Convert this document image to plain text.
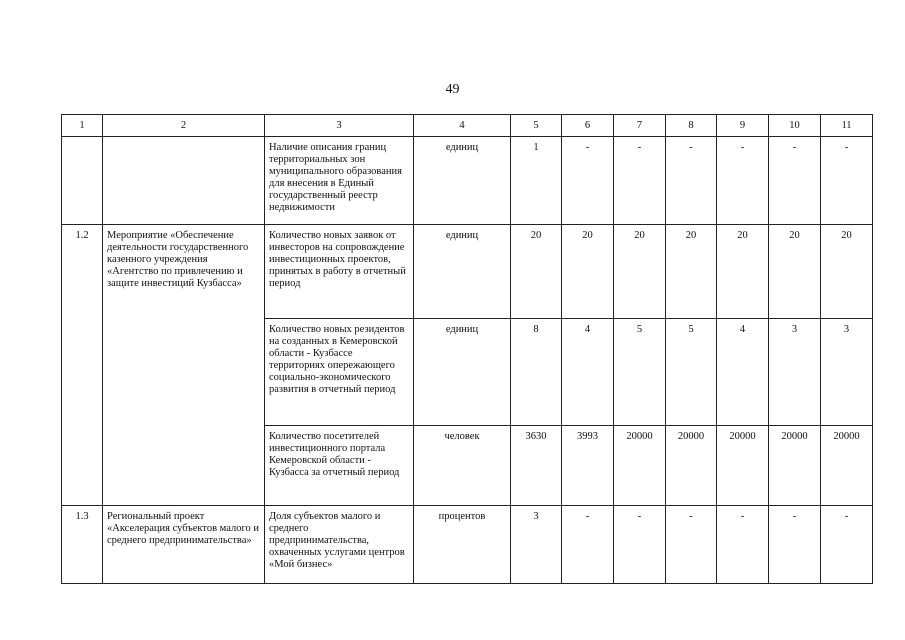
49
1	2	3	4	5	6	7	8	9	10	11
		Наличие описания границ территориальных зон муниципального образования для внесения в Единый государственный реестр недвижимости	единиц	1	-	-	-	-	-	-
1.2	Мероприятие «Обеспечение деятельности государственного казенного учреждения «Агентство по привлечению и защите инвестиций Кузбасса»	Количество новых заявок от инвесторов на сопровождение инвестиционных проектов, принятых в работу в отчетный период	единиц	20	20	20	20	20	20	20
		Количество новых резидентов на созданных в Кемеровской области - Кузбассе территориях опережающего социально-экономического развития в отчетный период	единиц	8	4	5	5	4	3	3
		Количество посетителей инвестиционного портала Кемеровской области - Кузбасса за отчетный период	человек	3630	3993	20000	20000	20000	20000	20000
1.3	Региональный проект «Акселерация субъектов малого и среднего предпринимательства»	Доля субъектов малого и среднего предпринимательства, охваченных услугами центров «Мой бизнес»	процентов	3	-	-	-	-	-	-
